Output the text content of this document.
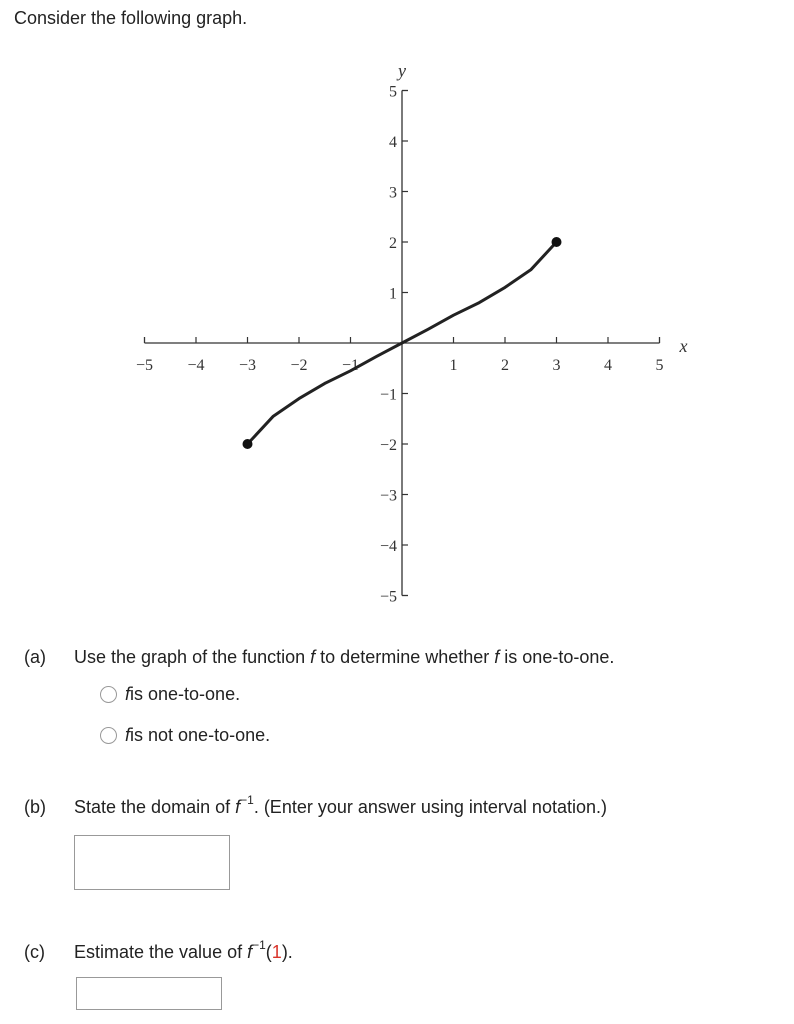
Consider the following graph.
x
y
−5 −4 −3 −2 −1	1	2	3	4	5
−5
−4
−3
−2
−1
1
2
3
4
5
(a) Use the graph of the function f to determine whether f is one-to-one.
f is one-to-one.
f is not one-to-one.
(b) State the domain of $f^{-1}$. (Enter your answer using interval notation.)
(c) Estimate the value of $f^{-1}(1)$.
